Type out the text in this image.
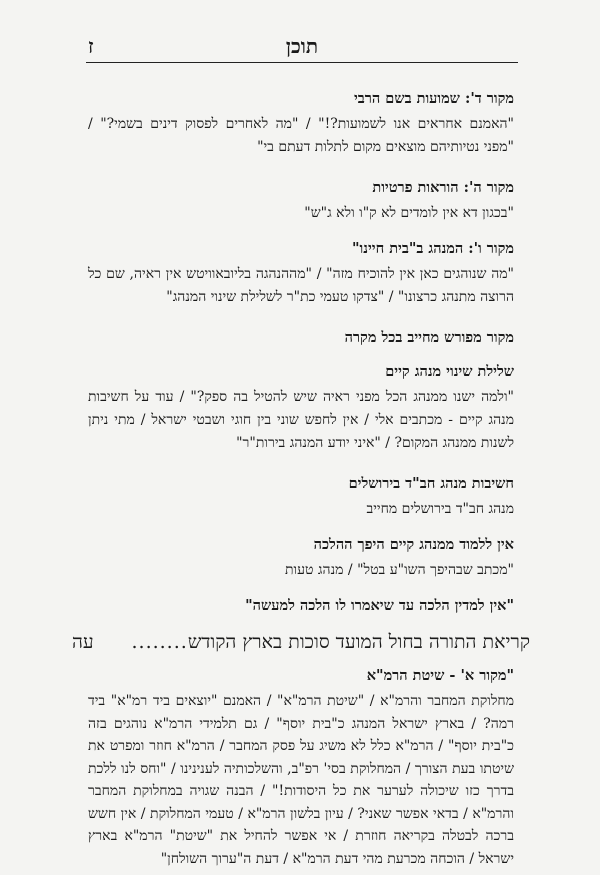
תוכן
ז
מקור ד': שמועות בשם הרבי

"האמנם אחראים אנו לשמועות?!" / "מה לאחרים לפסוק דינים בשמי?" / "מפני נטיותיהם מוצאים מקום לתלות דעתם בי"

מקור ה': הוראות פרטיות

"בכגון דא אין לומדים לא ק"ו ולא ג"ש"

מקור ו': המנהג ב"בית חיינו"

"מה שנוהגים כאן אין להוכיח מזה" / "מההנהגה בליובאוויטש אין ראיה, שם כל הרוצה מתנהג כרצונו" / "צדקו טעמי כת"ר לשלילת שינוי המנהג"

מקור מפורש מחייב בכל מקרה
שלילת שינוי מנהג קיים

"ולמה ישנו ממנהג הכל מפני ראיה שיש להטיל בה ספק?" / עוד על חשיבות מנהג קיים - מכתבים אלי / אין לחפש שוני בין חוגי ושבטי ישראל / מתי ניתן לשנות ממנהג המקום? / "איני יודע המנהג בירות"ר"

חשיבות מנהג חב"ד בירושלים

מנהג חב"ד בירושלים מחייב

אין ללמוד ממנהג קיים היפך ההלכה

"מכתב שבהיפך השו"ע בטל" / מנהג טעות

"אין למדין הלכה עד שיאמרו לו הלכה למעשה"
קריאת התורה בחול המועד סוכות בארץ הקודש........
עה
"מקור א' - שיטת הרמ"א

מחלוקת המחבר והרמ"א / "שיטת הרמ"א" / האמנם "יוצאים ביד רמ"א" ביד רמה? / בארץ ישראל המנהג כ"בית יוסף" / גם תלמידי הרמ"א נוהגים בזה כ"בית יוסף" / הרמ"א כלל לא משיג על פסק המחבר / הרמ"א חוזר ומפרט את שיטתו בעת הצורך / המחלוקת בסי' רפ"ב, והשלכותיה לענינינו / "וחס לנו ללכת בדרך כזו שיכולה לערער את כל היסודות!" / הבנה שגויה במחלוקת המחבר והרמ"א / בדאי אפשר שאני? / עיון בלשון הרמ"א / טעמי המחלוקת / אין חשש ברכה לבטלה בקריאה חוזרת / אי אפשר להחיל את "שיטת" הרמ"א בארץ ישראל / הוכחה מכרעת מהי דעת הרמ"א / דעת ה"ערוך השולחן"
